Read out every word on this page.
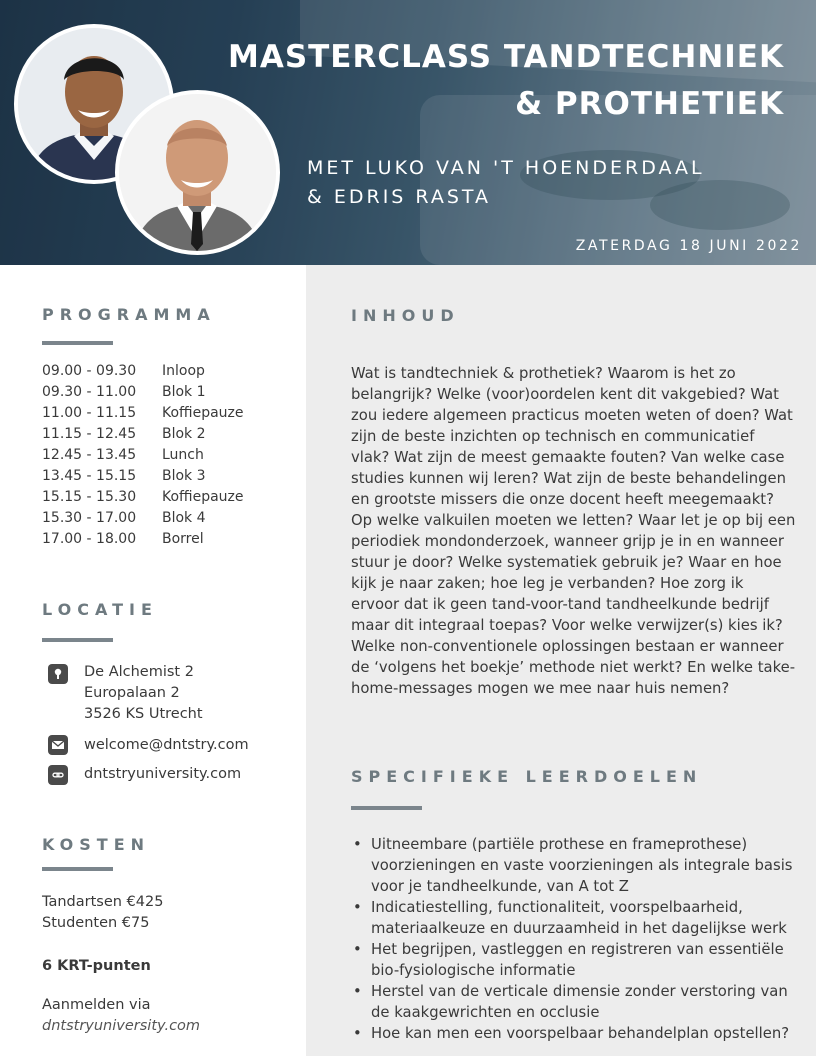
MASTERCLASS TANDTECHNIEK
& PROTHETIEK

MET LUKO VAN 'T HOENDERDAAL
& EDRIS RASTA

ZATERDAG 18 JUNI 2022
PROGRAMMA
09.00 - 09.30 Inloop
09.30 - 11.00 Blok 1
11.00 - 11.15 Koffiepauze
11.15 - 12.45 Blok 2
12.45 - 13.45 Lunch
13.45 - 15.15 Blok 3
15.15 - 15.30 Koffiepauze
15.30 - 17.00 Blok 4
17.00 - 18.00 Borrel
LOCATIE
De Alchemist 2
Europalaan 2
3526 KS Utrecht
welcome@dntstry.com
dntstryuniversity.com
KOSTEN
Tandartsen €425
Studenten €75
6 KRT-punten
Aanmelden via
dntstryuniversity.com
INHOUD

Wat is tandtechniek & prothetiek? Waarom is het zo belangrijk? Welke (voor)oordelen kent dit vakgebied? Wat zou iedere algemeen practicus moeten weten of doen? Wat zijn de beste inzichten op technisch en communicatief vlak? Wat zijn de meest gemaakte fouten? Van welke case studies kunnen wij leren? Wat zijn de beste behandelingen en grootste missers die onze docent heeft meegemaakt? Op welke valkuilen moeten we letten? Waar let je op bij een periodiek mondonderzoek, wanneer grijp je in en wanneer stuur je door? Welke systematiek gebruik je? Waar en hoe kijk je naar zaken; hoe leg je verbanden? Hoe zorg ik ervoor dat ik geen tand-voor-tand tandheelkunde bedrijf maar dit integraal toepas? Voor welke verwijzer(s) kies ik? Welke non-conventionele oplossingen bestaan er wanneer de ‘volgens het boekje’ methode niet werkt? En welke take-home-messages mogen we mee naar huis nemen?

SPECIFIEKE LEERDOELEN
• Uitneembare (partiële prothese en frameprothese) voorzieningen en vaste voorzieningen als integrale basis voor je tandheelkunde, van A tot Z
• Indicatiestelling, functionaliteit, voorspelbaarheid, materiaalkeuze en duurzaamheid in het dagelijkse werk
• Het begrijpen, vastleggen en registreren van essentiële bio-fysiologische informatie
• Herstel van de verticale dimensie zonder verstoring van de kaakgewrichten en occlusie
• Hoe kan men een voorspelbaar behandelplan opstellen?
